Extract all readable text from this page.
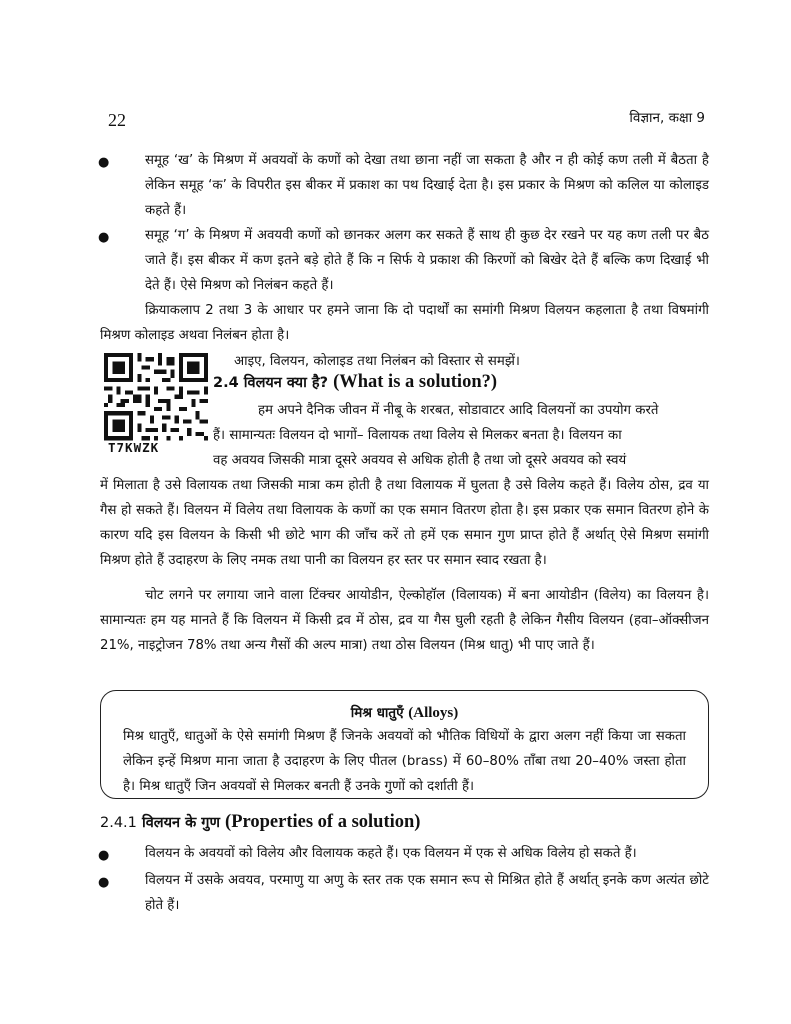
22	विज्ञान, कक्षा 9
●	समूह ‘ख’ के मिश्रण में अवयवों के कणों को देखा तथा छाना नहीं जा सकता है और न ही कोई कण तली में बैठता है लेकिन समूह ‘क’ के विपरीत इस बीकर में प्रकाश का पथ दिखाई देता है। इस प्रकार के मिश्रण को कलिल या कोलाइड कहते हैं।
●	समूह ‘ग’ के मिश्रण में अवयवी कणों को छानकर अलग कर सकते हैं साथ ही कुछ देर रखने पर यह कण तली पर बैठ जाते हैं। इस बीकर में कण इतने बड़े होते हैं कि न सिर्फ ये प्रकाश की किरणों को बिखेर देते हैं बल्कि कण दिखाई भी देते हैं। ऐसे मिश्रण को निलंबन कहते हैं।
क्रियाकलाप 2 तथा 3 के आधार पर हमने जाना कि दो पदार्थों का समांगी मिश्रण विलयन कहलाता है तथा विषमांगी मिश्रण कोलाइड अथवा निलंबन होता है।
T7KWZK
आइए, विलयन, कोलाइड तथा निलंबन को विस्तार से समझें।
2.4 विलयन क्या है? (What is a solution?)
हम अपने दैनिक जीवन में नीबू के शरबत, सोडावाटर आदि विलयनों का उपयोग करते
हैं। सामान्यतः विलयन दो भागों– विलायक तथा विलेय से मिलकर बनता है। विलयन का
वह अवयव जिसकी मात्रा दूसरे अवयव से अधिक होती है तथा जो दूसरे अवयव को स्वयं
में मिलाता है उसे विलायक तथा जिसकी मात्रा कम होती है तथा विलायक में घुलता है उसे विलेय कहते हैं। विलेय ठोस, द्रव या गैस हो सकते हैं। विलयन में विलेय तथा विलायक के कणों का एक समान वितरण होता है। इस प्रकार एक समान वितरण होने के कारण यदि इस विलयन के किसी भी छोटे भाग की जाँच करें तो हमें एक समान गुण प्राप्त होते हैं अर्थात् ऐसे मिश्रण समांगी मिश्रण होते हैं उदाहरण के लिए नमक तथा पानी का विलयन हर स्तर पर समान स्वाद रखता है।
चोट लगने पर लगाया जाने वाला टिंक्चर आयोडीन, ऐल्कोहॉल (विलायक) में बना आयोडीन (विलेय) का विलयन है। सामान्यतः हम यह मानते हैं कि विलयन में किसी द्रव में ठोस, द्रव या गैस घुली रहती है लेकिन गैसीय विलयन (हवा–ऑक्सीजन 21%, नाइट्रोजन 78% तथा अन्य गैसों की अल्प मात्रा) तथा ठोस विलयन (मिश्र धातु) भी पाए जाते हैं।
मिश्र धातुएँ (Alloys)
मिश्र धातुएँ, धातुओं के ऐसे समांगी मिश्रण हैं जिनके अवयवों को भौतिक विधियों के द्वारा अलग नहीं किया जा सकता लेकिन इन्हें मिश्रण माना जाता है उदाहरण के लिए पीतल (brass) में 60–80% ताँबा तथा 20–40% जस्ता होता है। मिश्र धातुएँ जिन अवयवों से मिलकर बनती हैं उनके गुणों को दर्शाती हैं।
2.4.1 विलयन के गुण (Properties of a solution)
●	विलयन के अवयवों को विलेय और विलायक कहते हैं। एक विलयन में एक से अधिक विलेय हो सकते हैं।
●	विलयन में उसके अवयव, परमाणु या अणु के स्तर तक एक समान रूप से मिश्रित होते हैं अर्थात् इनके कण अत्यंत छोटे होते हैं।
